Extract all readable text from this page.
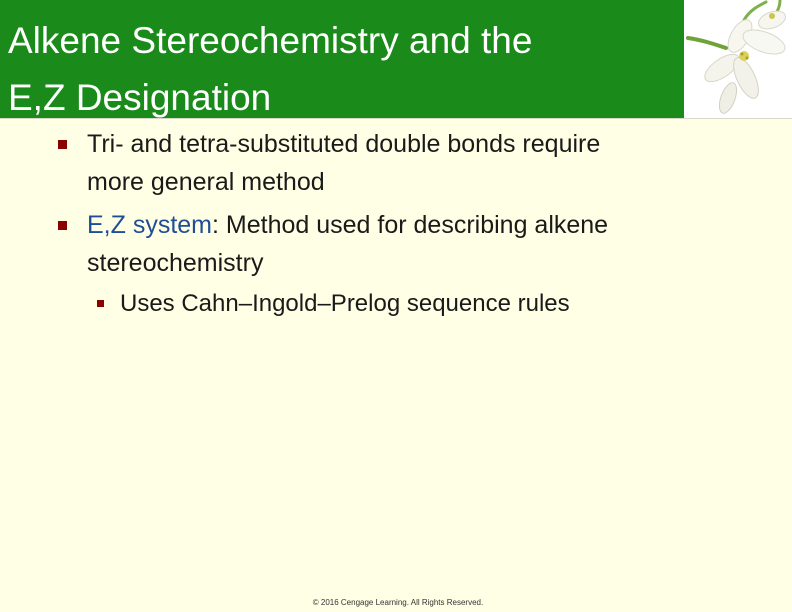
Alkene Stereochemistry and the
E,Z Designation
Tri- and tetra-substituted double bonds require
more general method
E,Z system: Method used for describing alkene
stereochemistry
Uses Cahn–Ingold–Prelog sequence rules
© 2016 Cengage Learning. All Rights Reserved.
